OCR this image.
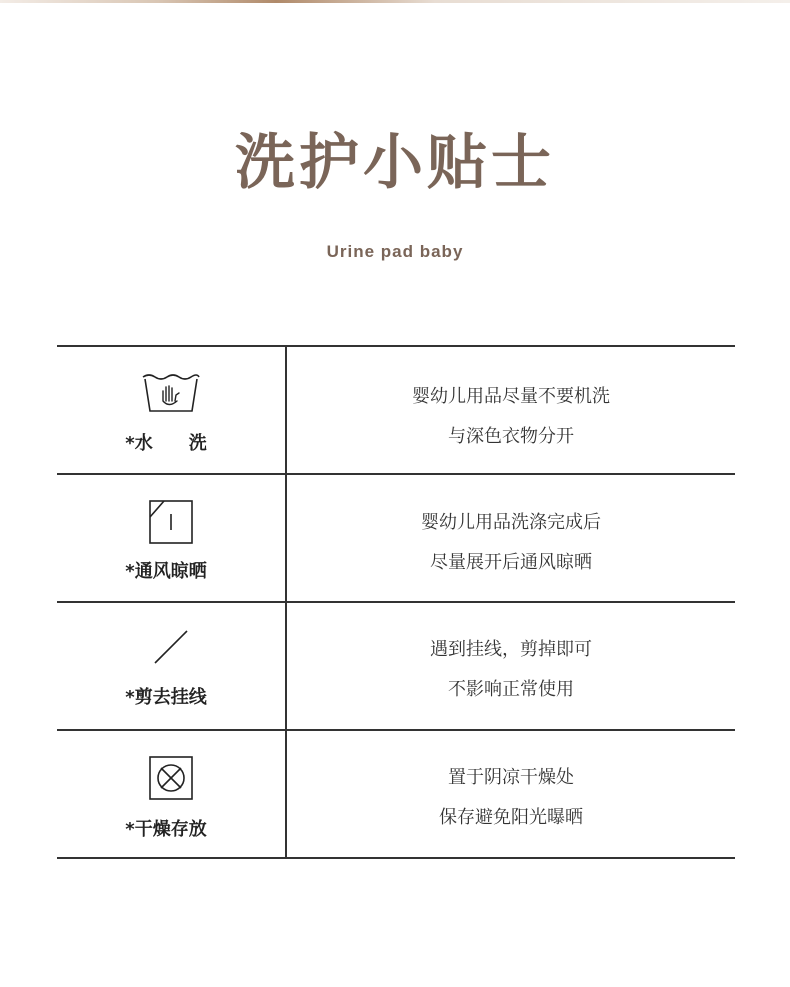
洗护小贴士
Urine pad baby
*水　　洗
婴幼儿用品尽量不要机洗
与深色衣物分开
*通风晾晒
婴幼儿用品洗涤完成后
尽量展开后通风晾晒
*剪去挂线
遇到挂线，剪掉即可
不影响正常使用
*干燥存放
置于阴凉干燥处
保存避免阳光曝晒
